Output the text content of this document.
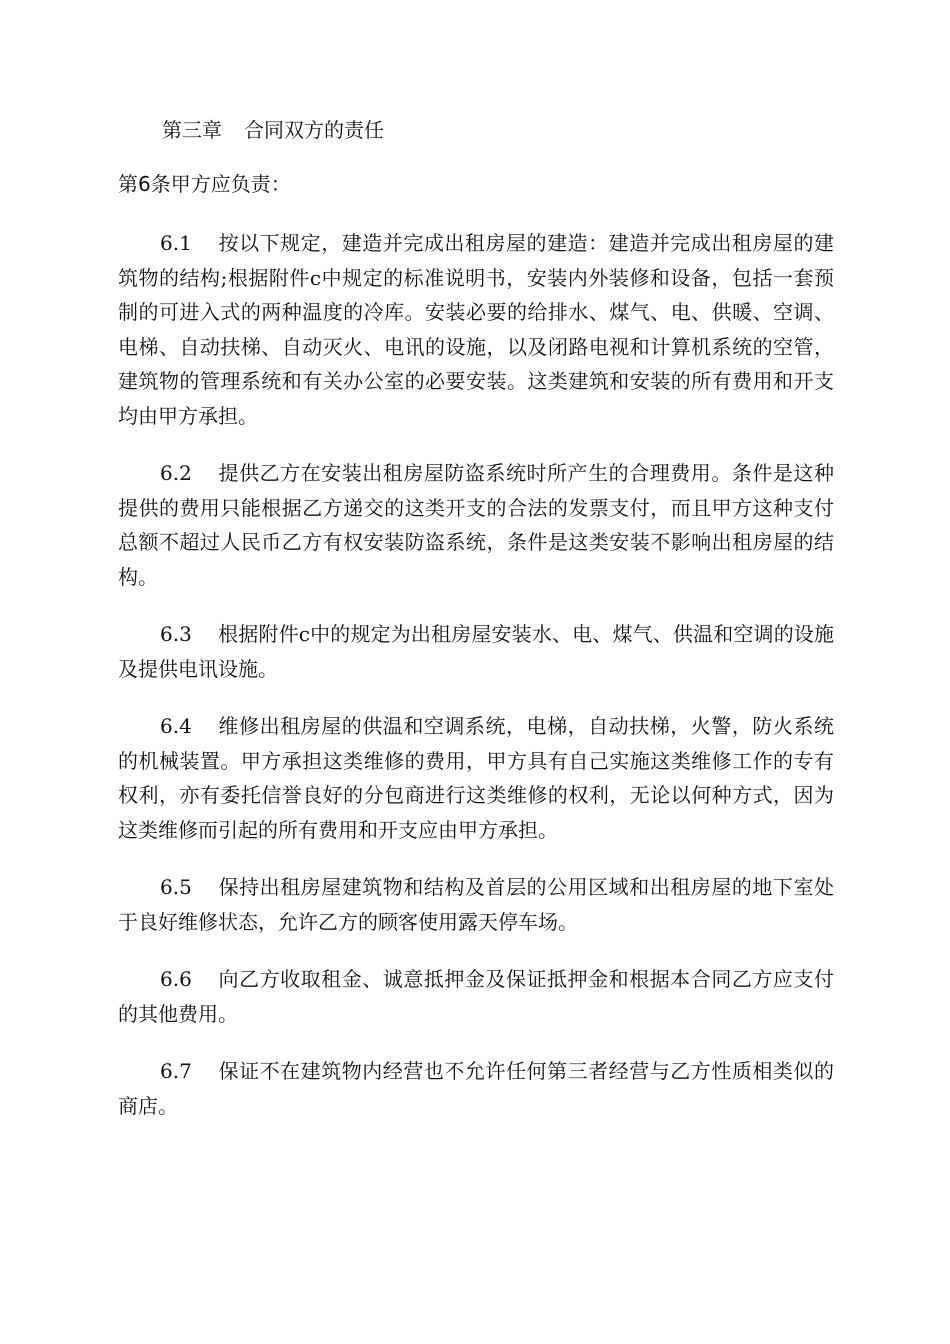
第三章 合同双方的责任
第6条甲方应负责：

6.1 按以下规定，建造并完成出租房屋的建造：建造并完成出租房屋的建筑物的结构;根据附件c中规定的标准说明书，安装内外装修和设备，包括一套预制的可进入式的两种温度的冷库。安装必要的给排水、煤气、电、供暖、空调、电梯、自动扶梯、自动灭火、电讯的设施，以及闭路电视和计算机系统的空管，建筑物的管理系统和有关办公室的必要安装。这类建筑和安装的所有费用和开支均由甲方承担。

6.2 提供乙方在安装出租房屋防盗系统时所产生的合理费用。条件是这种提供的费用只能根据乙方递交的这类开支的合法的发票支付，而且甲方这种支付总额不超过人民币乙方有权安装防盗系统，条件是这类安装不影响出租房屋的结构。

6.3 根据附件c中的规定为出租房屋安装水、电、煤气、供温和空调的设施及提供电讯设施。

6.4 维修出租房屋的供温和空调系统，电梯，自动扶梯，火警，防火系统的机械装置。甲方承担这类维修的费用，甲方具有自己实施这类维修工作的专有权利，亦有委托信誉良好的分包商进行这类维修的权利，无论以何种方式，因为这类维修而引起的所有费用和开支应由甲方承担。

6.5 保持出租房屋建筑物和结构及首层的公用区域和出租房屋的地下室处于良好维修状态，允许乙方的顾客使用露天停车场。

6.6 向乙方收取租金、诚意抵押金及保证抵押金和根据本合同乙方应支付的其他费用。

6.7 保证不在建筑物内经营也不允许任何第三者经营与乙方性质相类似的商店。
